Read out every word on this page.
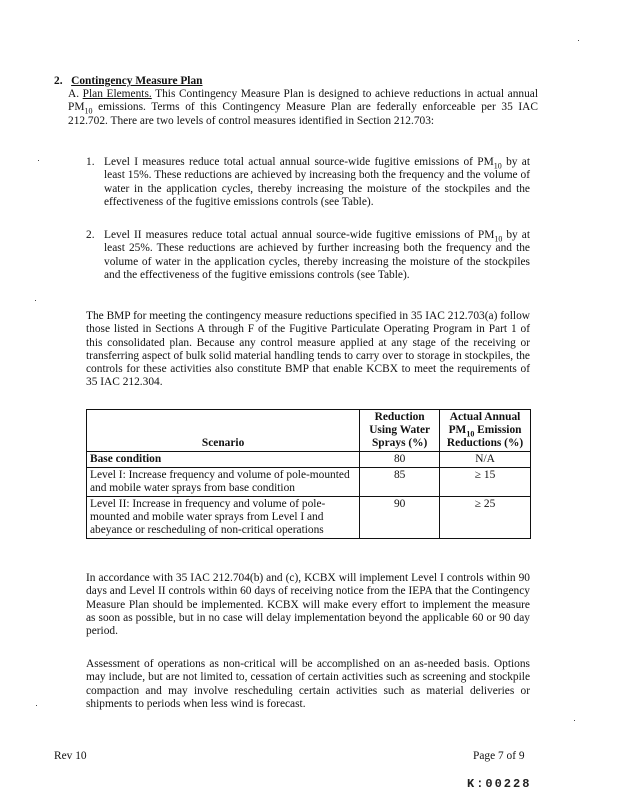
2. Contingency Measure Plan
A. Plan Elements. This Contingency Measure Plan is designed to achieve reductions in actual annual $PM_{10}$ emissions. Terms of this Contingency Measure Plan are federally enforceable per 35 IAC 212.702. There are two levels of control measures identified in Section 212.703:
1. Level I measures reduce total actual annual source-wide fugitive emissions of $PM_{10}$ by at least 15%. These reductions are achieved by increasing both the frequency and the volume of water in the application cycles, thereby increasing the moisture of the stockpiles and the effectiveness of the fugitive emissions controls (see Table).
2. Level II measures reduce total actual annual source-wide fugitive emissions of $PM_{10}$ by at least 25%. These reductions are achieved by further increasing both the frequency and the volume of water in the application cycles, thereby increasing the moisture of the stockpiles and the effectiveness of the fugitive emissions controls (see Table).
The BMP for meeting the contingency measure reductions specified in 35 IAC 212.703(a) follow those listed in Sections A through F of the Fugitive Particulate Operating Program in Part 1 of this consolidated plan. Because any control measure applied at any stage of the receiving or transferring aspect of bulk solid material handling tends to carry over to storage in stockpiles, the controls for these activities also constitute BMP that enable KCBX to meet the requirements of 35 IAC 212.304.
Scenario	Reduction Using Water Sprays (%)	Actual Annual $PM_{10}$ Emission Reductions (%)
Base condition	80	N/A
Level I: Increase frequency and volume of pole-mounted and mobile water sprays from base condition	85	≥ 15
Level II: Increase in frequency and volume of pole-mounted and mobile water sprays from Level I and abeyance or rescheduling of non-critical operations	90	≥ 25
In accordance with 35 IAC 212.704(b) and (c), KCBX will implement Level I controls within 90 days and Level II controls within 60 days of receiving notice from the IEPA that the Contingency Measure Plan should be implemented. KCBX will make every effort to implement the measure as soon as possible, but in no case will delay implementation beyond the applicable 60 or 90 day period.
Assessment of operations as non-critical will be accomplished on an as-needed basis. Options may include, but are not limited to, cessation of certain activities such as screening and stockpile compaction and may involve rescheduling certain activities such as material deliveries or shipments to periods when less wind is forecast.
Rev 10	Page 7 of 9
K:00228
